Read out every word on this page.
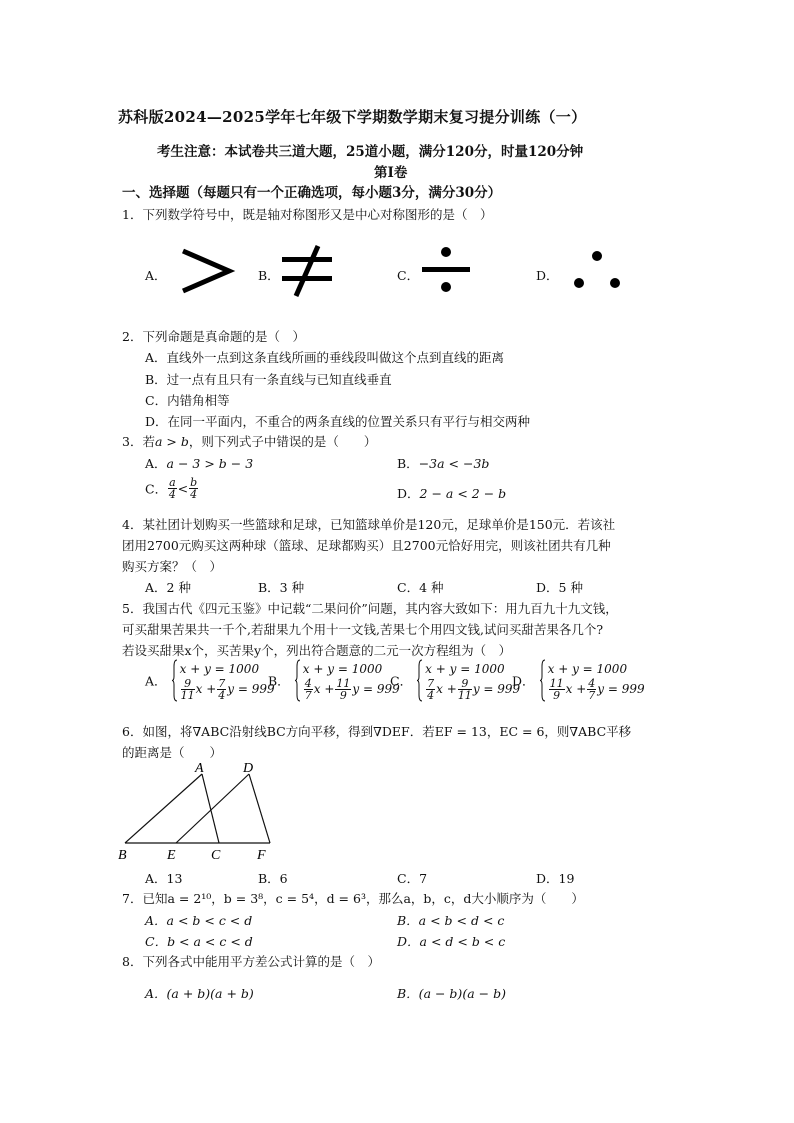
苏科版2024—2025学年七年级下学期数学期末复习提分训练（一）
考生注意：本试卷共三道大题，25道小题，满分120分，时量120分钟
第Ⅰ卷
一、选择题（每题只有一个正确选项，每小题3分，满分30分）
1．下列数学符号中，既是轴对称图形又是中心对称图形的是（　）
A．	B．	C．	D．
2．下列命题是真命题的是（　）
A．直线外一点到这条直线所画的垂线段叫做这个点到直线的距离
B．过一点有且只有一条直线与已知直线垂直
C．内错角相等
D．在同一平面内，不重合的两条直线的位置关系只有平行与相交两种
3．若a > b，则下列式子中错误的是（　　）
A．a − 3 > b − 3	B．−3a < −3b
C． $\frac{a}{4} < \frac{b}{4}$	D．2 − a < 2 − b
4．某社团计划购买一些篮球和足球，已知篮球单价是120元，足球单价是150元．若该社
团用2700元购买这两种球（篮球、足球都购买）且2700元恰好用完，则该社团共有几种
购买方案？（　）
A．2 种	B．3 种	C．4 种	D．5 种
5．我国古代《四元玉鉴》中记载“二果问价”问题，其内容大致如下：用九百九十九文钱，
可买甜果苦果共一千个,若甜果九个用十一文钱,苦果七个用四文钱,试问买甜苦果各几个?
若设买甜果x个，买苦果y个，列出符合题意的二元一次方程组为（　）
A．
x + y = 1000
$\frac{9}{11}$ $x + \frac{7}{4}$ y = 999
B．
x + y = 1000
$\frac{4}{7}$ $x + \frac{11}{9}$ y = 999
C．
x + y = 1000
$\frac{7}{4}$ $x + \frac{9}{11}$ y = 999
D．
x + y = 1000
$\frac{11}{9}$ $x + \frac{4}{7}$ y = 999
6．如图，将∇ABC沿射线BC方向平移，得到∇DEF．若EF = 13，EC = 6，则∇ABC平移
的距离是（　　）
A	D
B	E	C	F
A．13	B．6	C．7	D．19
7．已知a = 2¹⁰，b = 3⁸，c = 5⁴，d = 6³，那么a，b，c，d大小顺序为（　　）
A．a < b < c < d	B．a < b < d < c
C．b < a < c < d	D．a < d < b < c
8．下列各式中能用平方差公式计算的是（　）
A．(a + b)(a + b)	B．(a − b)(a − b)
